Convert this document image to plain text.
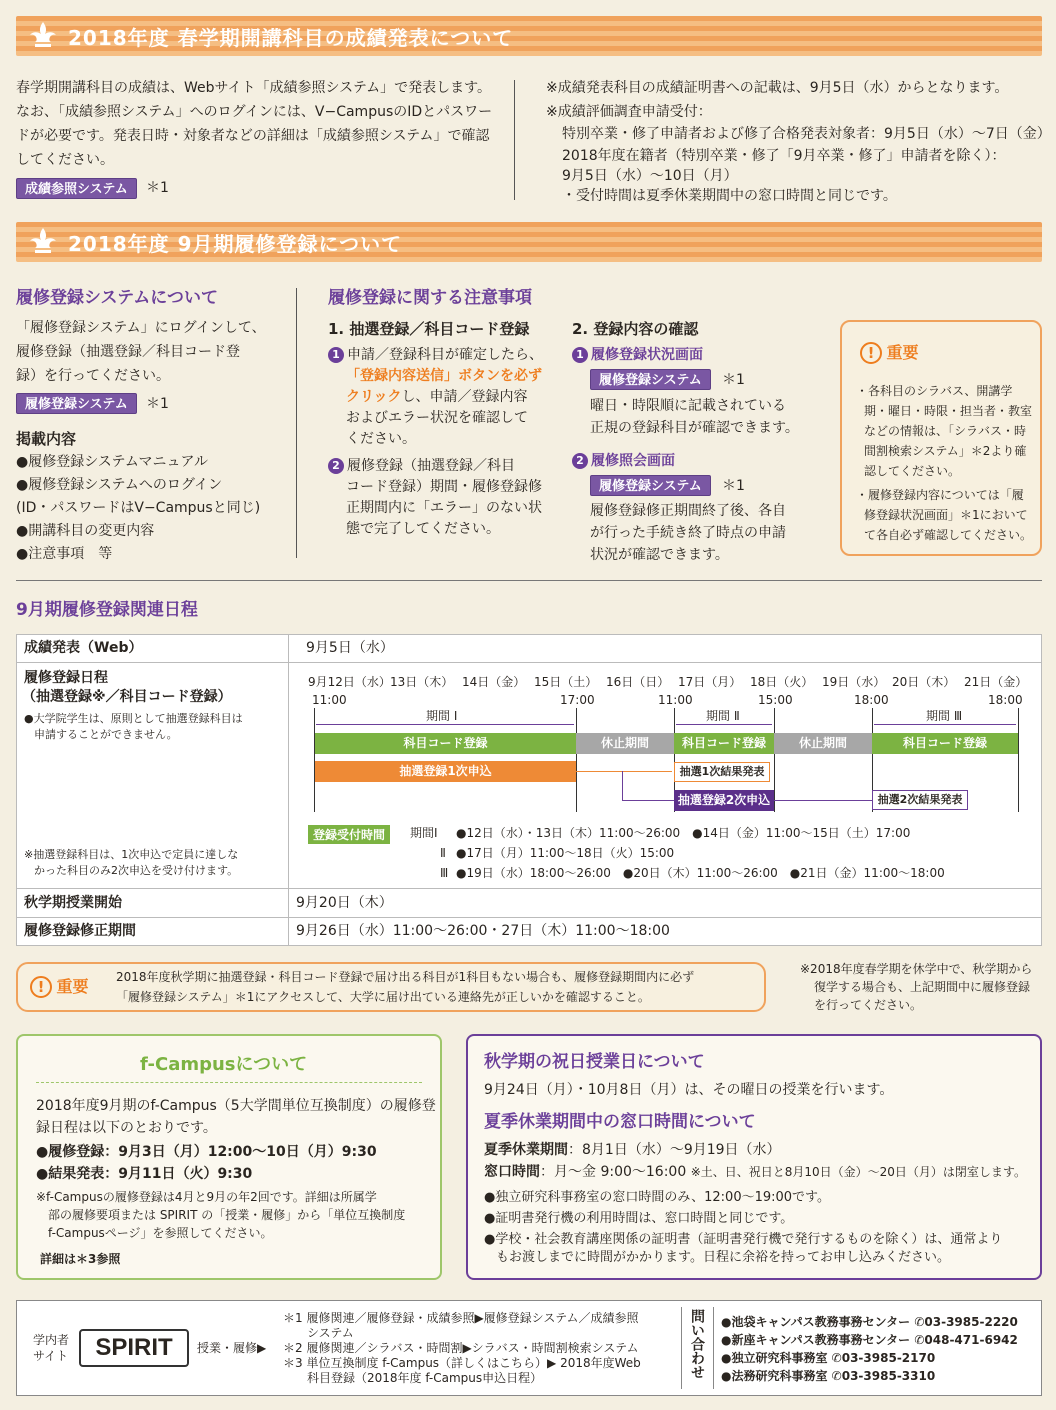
2018年度 春学期開講科目の成績発表について
春学期開講科目の成績は、Webサイト「成績参照システム」で発表します。
なお、「成績参照システム」へのログインには、V−CampusのIDとパスワー
ドが必要です。発表日時・対象者などの詳細は「成績参照システム」で確認
してください。
成績参照システム	＊1
※成績発表科目の成績証明書への記載は、9月5日（水）からとなります。
※成績評価調査申請受付：
特別卒業・修了申請者および修了合格発表対象者：9月5日（水）〜7日（金）
2018年度在籍者（特別卒業・修了「9月卒業・修了」申請者を除く）：
9月5日（水）〜10日（月）
・受付時間は夏季休業期間中の窓口時間と同じです。
2018年度 9月期履修登録について
履修登録システムについて
「履修登録システム」にログインして、
履修登録（抽選登録／科目コード登
録）を行ってください。
履修登録システム	＊1
掲載内容
●履修登録システムマニュアル
●履修登録システムへのログイン
(ID・パスワードはV−Campusと同じ)
●開講科目の変更内容
●注意事項　等
履修登録に関する注意事項
1. 抽選登録／科目コード登録
1 申請／登録科目が確定したら、
「登録内容送信」ボタンを必ず
クリックし、申請／登録内容
およびエラー状況を確認して
ください。
2 履修登録（抽選登録／科目
コード登録）期間・履修登録修
正期間内に「エラー」のない状
態で完了してください。
2. 登録内容の確認
1 履修登録状況画面
履修登録システム	＊1
曜日・時限順に記載されている
正規の登録科目が確認できます。
2 履修照会画面
履修登録システム	＊1
履修登録修正期間終了後、各自
が行った手続き終了時点の申請
状況が確認できます。
! 重要
・各科目のシラバス、開講学
期・曜日・時限・担当者・教室
などの情報は、「シラバス・時
間割検索システム」＊2より確
認してください。
・履修登録内容については「履
修登録状況画面」＊1において
て各自必ず確認してください。
9月期履修登録関連日程
成績発表（Web）	9月5日（水）
履修登録日程
（抽選登録※／科目コード登録）
●大学院学生は、原則として抽選登録科目は
申請することができません。
※抽選登録科目は、1次申込で定員に達しな
かった科目のみ2次申込を受け付けます。
9月12日（水） 13日（木） 14日（金） 15日（土） 16日（日） 17日（月） 18日（火） 19日（水） 20日（木） 21日（金）
11:00	17:00	11:00	15:00	18:00	18:00
期間 Ⅰ	期間 Ⅱ	期間 Ⅲ
科目コード登録	休止期間	科目コード登録	休止期間	科目コード登録
抽選登録1次申込	抽選1次結果発表
抽選登録2次申込	抽選2次結果発表
登録受付時間	期間Ⅰ ●12日（水）・13日（木）11:00〜26:00　●14日（金）11:00〜15日（土）17:00
Ⅱ ●17日（月）11:00〜18日（火）15:00
Ⅲ ●19日（水）18:00〜26:00　●20日（木）11:00〜26:00　●21日（金）11:00〜18:00
秋学期授業開始	9月20日（木）
履修登録修正期間	9月26日（水）11:00〜26:00・27日（木）11:00〜18:00
! 重要 2018年度秋学期に抽選登録・科目コード登録で届け出る科目が1科目もない場合も、履修登録期間内に必ず
「履修登録システム」＊1にアクセスして、大学に届け出ている連絡先が正しいかを確認すること。
※2018年度春学期を休学中で、秋学期から
復学する場合も、上記期間中に履修登録
を行ってください。
f-Campusについて
2018年度9月期のf-Campus（5大学間単位互換制度）の履修登
録日程は以下のとおりです。
●履修登録：9月3日（月）12:00〜10日（月）9:30
●結果発表：9月11日（火）9:30
※f-Campusの履修登録は4月と9月の年2回です。詳細は所属学
部の履修要項または SPIRIT の「授業・履修」から「単位互換制度
f-Campusページ」を参照してください。
詳細は＊3参照
秋学期の祝日授業日について
9月24日（月）・10月8日（月）は、その曜日の授業を行います。
夏季休業期間中の窓口時間について
夏季休業期間：8月1日（水）〜9月19日（水）
窓口時間：月〜金 9:00〜16:00 ※土、日、祝日と8月10日（金）〜20日（月）は閉室します。
●独立研究科事務室の窓口時間のみ、12:00〜19:00です。
●証明書発行機の利用時間は、窓口時間と同じです。
●学校・社会教育講座関係の証明書（証明書発行機で発行するものを除く）は、通常より
もお渡しまでに時間がかかります。日程に余裕を持ってお申し込みください。
学内者
サイト	SPIRIT	授業・履修▶
＊1 履修関連／履修登録・成績参照▶履修登録システム／成績参照
システム
＊2 履修関連／シラバス・時間割▶シラバス・時間割検索システム
＊3 単位互換制度 f-Campus（詳しくはこちら）▶ 2018年度Web
科目登録（2018年度 f-Campus申込日程）	問い合わせ ●池袋キャンパス教務事務センター ✆03-3985-2220
●新座キャンパス教務事務センター ✆048-471-6942
●独立研究科事務室 ✆03-3985-2170
●法務研究科事務室 ✆03-3985-3310
